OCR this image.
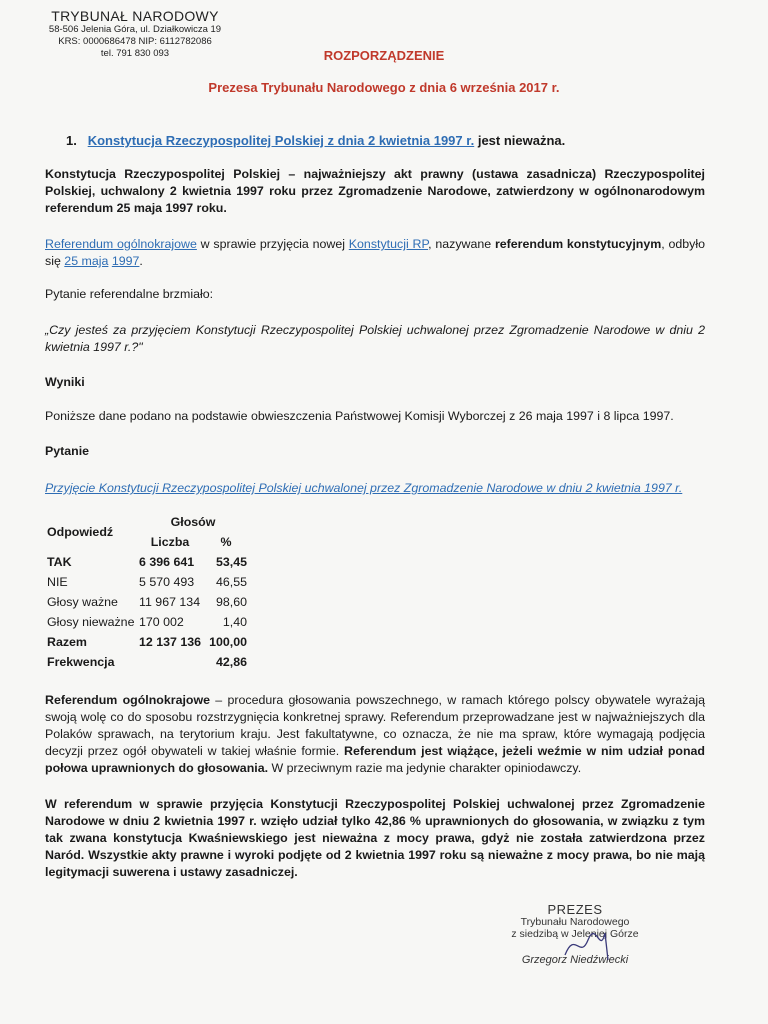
TRYBUNAŁ NARODOWY
58-506 Jelenia Góra, ul. Działkowicza 19
KRS: 0000686478 NIP: 6112782086
tel. 791 830 093	ROZPORZĄDZENIE
Prezesa Trybunału Narodowego z dnia 6 września 2017 r.
1. Konstytucja Rzeczypospolitej Polskiej z dnia 2 kwietnia 1997 r. jest nieważna.
Konstytucja Rzeczypospolitej Polskiej – najważniejszy akt prawny (ustawa zasadnicza) Rzeczypospolitej Polskiej, uchwalony 2 kwietnia 1997 roku przez Zgromadzenie Narodowe, zatwierdzony w ogólnonarodowym referendum 25 maja 1997 roku.
Referendum ogólnokrajowe w sprawie przyjęcia nowej Konstytucji RP, nazywane referendum konstytucyjnym, odbyło się 25 maja 1997.
Pytanie referendalne brzmiało:
„Czy jesteś za przyjęciem Konstytucji Rzeczypospolitej Polskiej uchwalonej przez Zgromadzenie Narodowe w dniu 2 kwietnia 1997 r.?"
Wyniki
Poniższe dane podano na podstawie obwieszczenia Państwowej Komisji Wyborczej z 26 maja 1997 i 8 lipca 1997.
Pytanie
Przyjęcie Konstytucji Rzeczypospolitej Polskiej uchwalonej przez Zgromadzenie Narodowe w dniu 2 kwietnia 1997 r.
Odpowiedź	Głosów	
	Liczba	%
TAK	6 396 641	53,45
NIE	5 570 493	46,55
Głosy ważne	11 967 134	98,60
Głosy nieważne	170 002	1,40
Razem	12 137 136	100,00
Frekwencja		42,86
Referendum ogólnokrajowe – procedura głosowania powszechnego, w ramach którego polscy obywatele wyrażają swoją wolę co do sposobu rozstrzygnięcia konkretnej sprawy. Referendum przeprowadzane jest w najważniejszych dla Polaków sprawach, na terytorium kraju. Jest fakultatywne, co oznacza, że nie ma spraw, które wymagają podjęcia decyzji przez ogół obywateli w takiej właśnie formie. Referendum jest wiążące, jeżeli weźmie w nim udział ponad połowa uprawnionych do głosowania. W przeciwnym razie ma jedynie charakter opiniodawczy.
W referendum w sprawie przyjęcia Konstytucji Rzeczypospolitej Polskiej uchwalonej przez Zgromadzenie Narodowe w dniu 2 kwietnia 1997 r. wzięło udział tylko 42,86 % uprawnionych do głosowania, w związku z tym tak zwana konstytucja Kwaśniewskiego jest nieważna z mocy prawa, gdyż nie została zatwierdzona przez Naród. Wszystkie akty prawne i wyroki podjęte od 2 kwietnia 1997 roku są nieważne z mocy prawa, bo nie mają legitymacji suwerena i ustawy zasadniczej.
PREZES
Trybunału Narodowego
z siedzibą w Jeleniej Górze
Grzegorz Niedźwiecki
